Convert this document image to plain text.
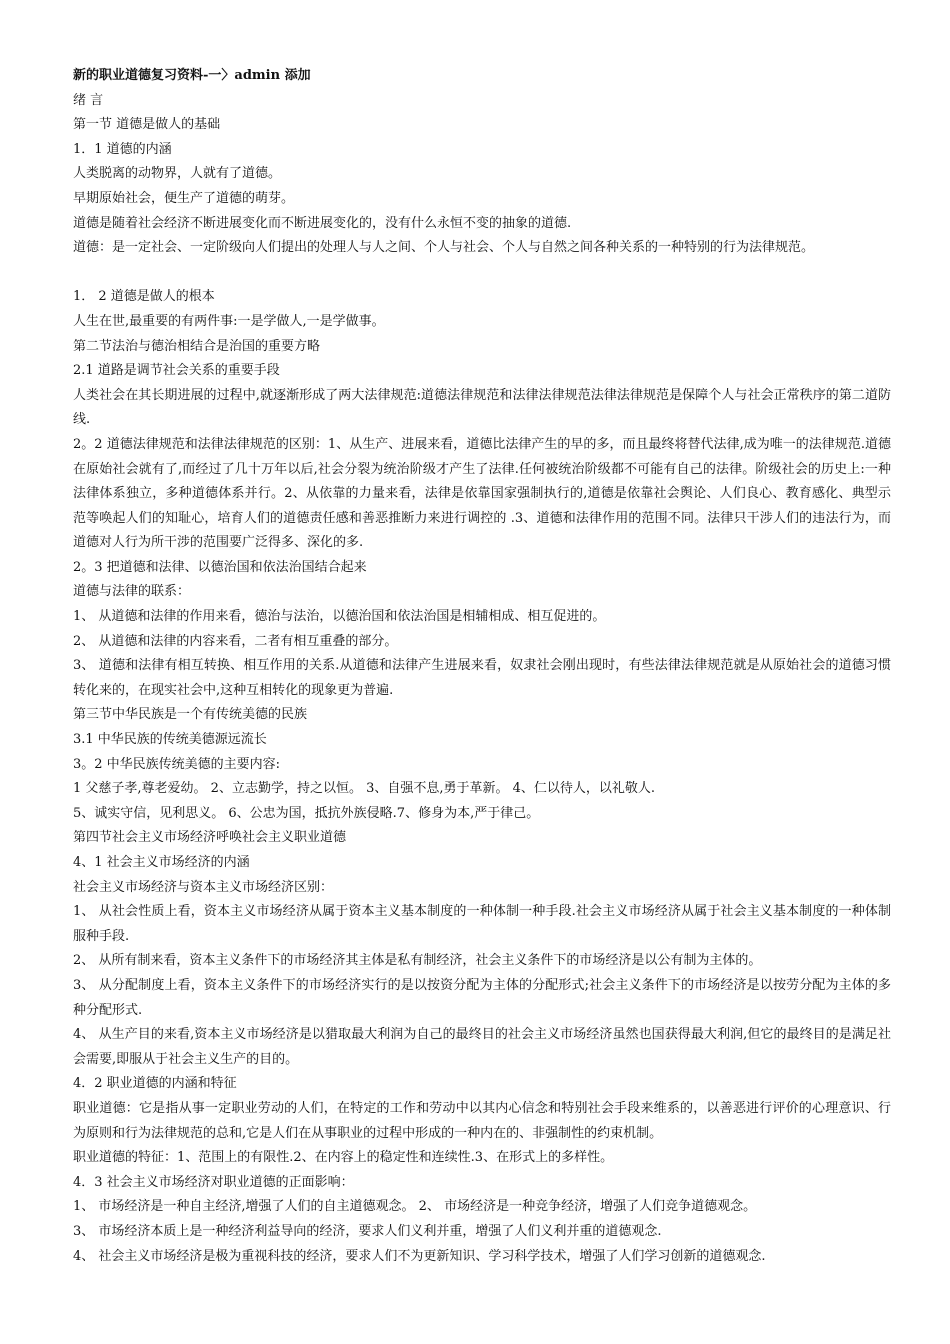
新的职业道德复习资料-一〉admin 添加

绪 言

第一节 道德是做人的基础

1．1 道德的内涵

人类脱离的动物界，人就有了道德。

早期原始社会，便生产了道德的萌芽。

道德是随着社会经济不断进展变化而不断进展变化的，没有什么永恒不变的抽象的道德.

道德：是一定社会、一定阶级向人们提出的处理人与人之间、个人与社会、个人与自然之间各种关系的一种特别的行为法律规范。

1． 2 道德是做人的根本

人生在世,最重要的有两件事:一是学做人,一是学做事。

第二节法治与德治相结合是治国的重要方略

2.1 道路是调节社会关系的重要手段

人类社会在其长期进展的过程中,就逐渐形成了两大法律规范:道德法律规范和法律法律规范法律法律规范是保障个人与社会正常秩序的第二道防线.

2。2 道德法律规范和法律法律规范的区别：1、从生产、进展来看，道德比法律产生的早的多，而且最终将替代法律,成为唯一的法律规范.道德在原始社会就有了,而经过了几十万年以后,社会分裂为统治阶级才产生了法律.任何被统治阶级都不可能有自己的法律。阶级社会的历史上:一种法律体系独立，多种道德体系并行。2、从依靠的力量来看，法律是依靠国家强制执行的,道德是依靠社会舆论、人们良心、教育感化、典型示范等唤起人们的知耻心，培育人们的道德责任感和善恶推断力来进行调控的 .3、道德和法律作用的范围不同。法律只干涉人们的违法行为，而道德对人行为所干涉的范围要广泛得多、深化的多.

2。3 把道德和法律、以德治国和依法治国结合起来

道德与法律的联系：

1、 从道德和法律的作用来看，德治与法治，以德治国和依法治国是相辅相成、相互促进的。

2、 从道德和法律的内容来看，二者有相互重叠的部分。

3、 道德和法律有相互转换、相互作用的关系.从道德和法律产生进展来看，奴隶社会刚出现时，有些法律法律规范就是从原始社会的道德习惯转化来的，在现实社会中,这种互相转化的现象更为普遍.

第三节中华民族是一个有传统美德的民族

3.1 中华民族的传统美德源远流长

3。2 中华民族传统美德的主要内容:

1 父慈子孝,尊老爱幼。 2、立志勤学，持之以恒。 3、自强不息,勇于革新。 4、仁以待人，以礼敬人.

5、诚实守信，见利思义。 6、公忠为国，抵抗外族侵略.7、修身为本,严于律己。

第四节社会主义市场经济呼唤社会主义职业道德

4、1 社会主义市场经济的内涵

社会主义市场经济与资本主义市场经济区别：

1、 从社会性质上看，资本主义市场经济从属于资本主义基本制度的一种体制一种手段.社会主义市场经济从属于社会主义基本制度的一种体制服种手段.

2、 从所有制来看，资本主义条件下的市场经济其主体是私有制经济，社会主义条件下的市场经济是以公有制为主体的。

3、 从分配制度上看，资本主义条件下的市场经济实行的是以按资分配为主体的分配形式;社会主义条件下的市场经济是以按劳分配为主体的多种分配形式.

4、 从生产目的来看,资本主义市场经济是以猎取最大利润为自己的最终目的社会主义市场经济虽然也国获得最大利润,但它的最终目的是满足社会需要,即服从于社会主义生产的目的。

4．2 职业道德的内涵和特征

职业道德：它是指从事一定职业劳动的人们，在特定的工作和劳动中以其内心信念和特别社会手段来维系的，以善恶进行评价的心理意识、行为原则和行为法律规范的总和,它是人们在从事职业的过程中形成的一种内在的、非强制性的约束机制。

职业道德的特征：1、范围上的有限性.2、在内容上的稳定性和连续性.3、在形式上的多样性。

4．3 社会主义市场经济对职业道德的正面影响：

1、 市场经济是一种自主经济,增强了人们的自主道德观念。 2、 市场经济是一种竞争经济，增强了人们竞争道德观念。

3、 市场经济本质上是一种经济利益导向的经济，要求人们义利并重，增强了人们义利并重的道德观念.

4、 社会主义市场经济是极为重视科技的经济，要求人们不为更新知识、学习科学技术，增强了人们学习创新的道德观念.
